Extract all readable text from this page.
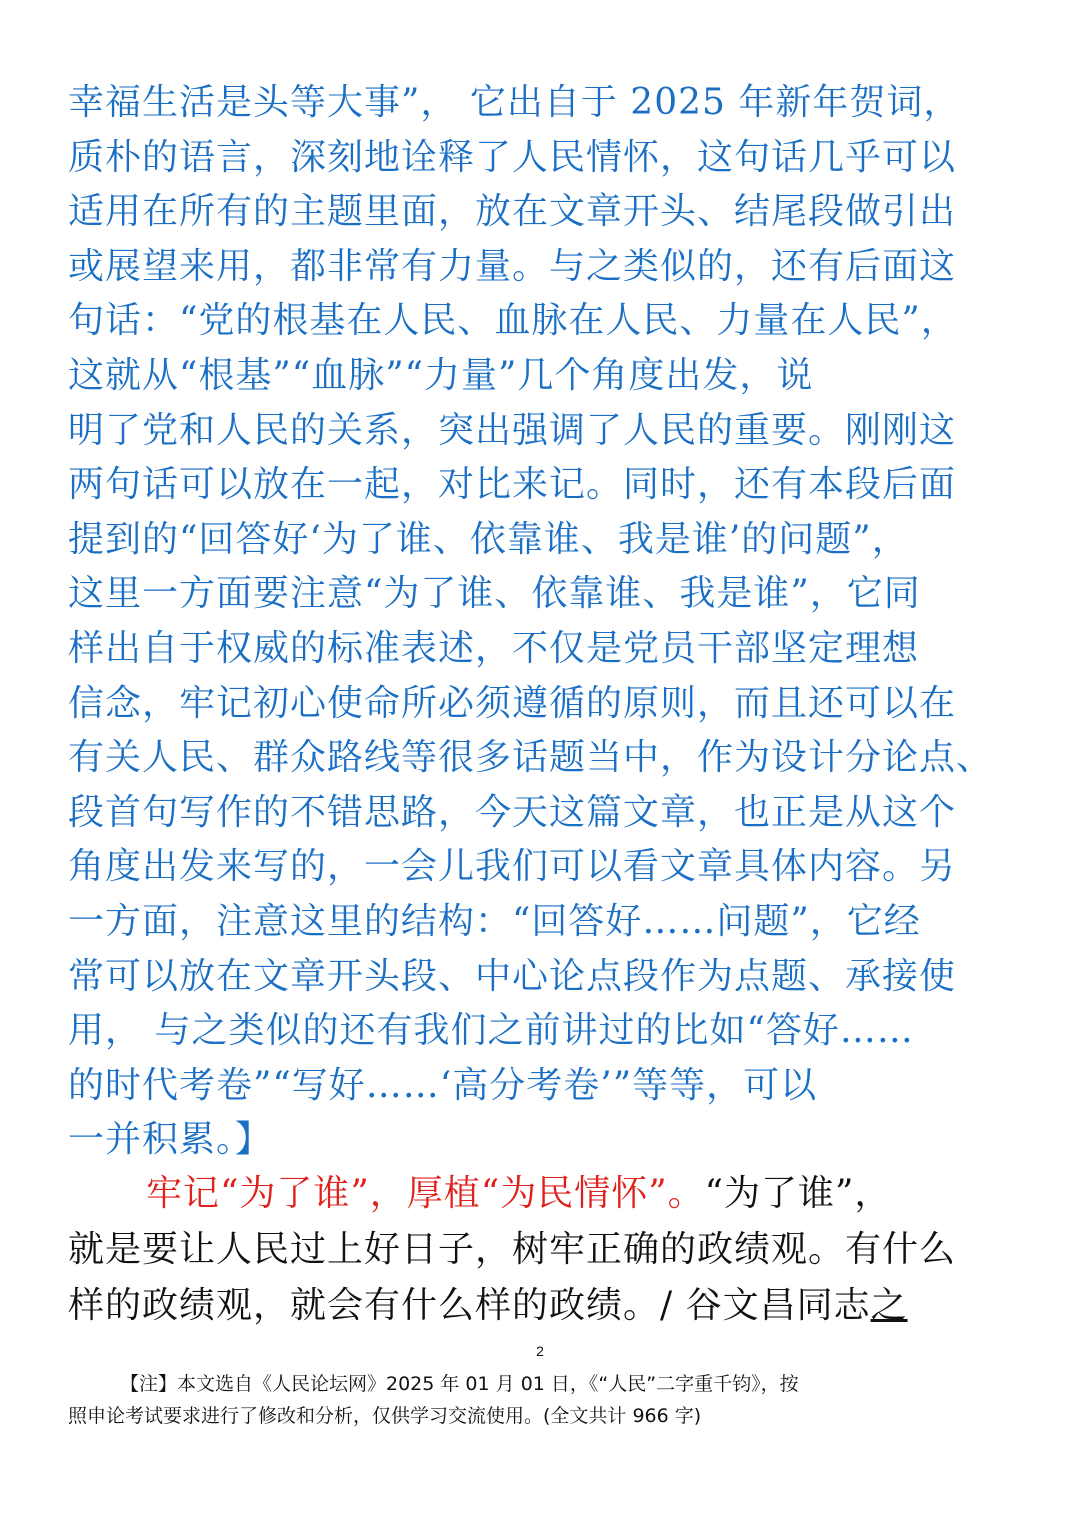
幸福生活是头等大事”， 它出自于 2025 年新年贺词，
质朴的语言，深刻地诠释了人民情怀，这句话几乎可以
适用在所有的主题里面，放在文章开头、结尾段做引出
或展望来用，都非常有力量。与之类似的，还有后面这
句话：“党的根基在人民、血脉在人民、力量在人民”，
这就从“根基”“血脉”“力量”几个角度出发，说
明了党和人民的关系，突出强调了人民的重要。刚刚这
两句话可以放在一起，对比来记。同时，还有本段后面
提到的“回答好‘为了谁、依靠谁、我是谁’的问题”，
这里一方面要注意“为了谁、依靠谁、我是谁”，它同
样出自于权威的标准表述，不仅是党员干部坚定理想
信念，牢记初心使命所必须遵循的原则，而且还可以在
有关人民、群众路线等很多话题当中，作为设计分论点、
段首句写作的不错思路，今天这篇文章，也正是从这个
角度出发来写的，一会儿我们可以看文章具体内容。另
一方面，注意这里的结构：“回答好……问题”，它经
常可以放在文章开头段、中心论点段作为点题、承接使
用， 与之类似的还有我们之前讲过的比如“答好……
的时代考卷”“写好……‘高分考卷’”等等，可以
一并积累。】
牢记“为了谁”，厚植“为民情怀”。“为了谁”，
就是要让人民过上好日子，树牢正确的政绩观。有什么
样的政绩观，就会有什么样的政绩。/ 谷文昌同志之
2
【注】本文选自《人民论坛网》2025 年 01 月 01 日，《“人民”二字重千钧》，按
照申论考试要求进行了修改和分析，仅供学习交流使用。(全文共计 966 字)
